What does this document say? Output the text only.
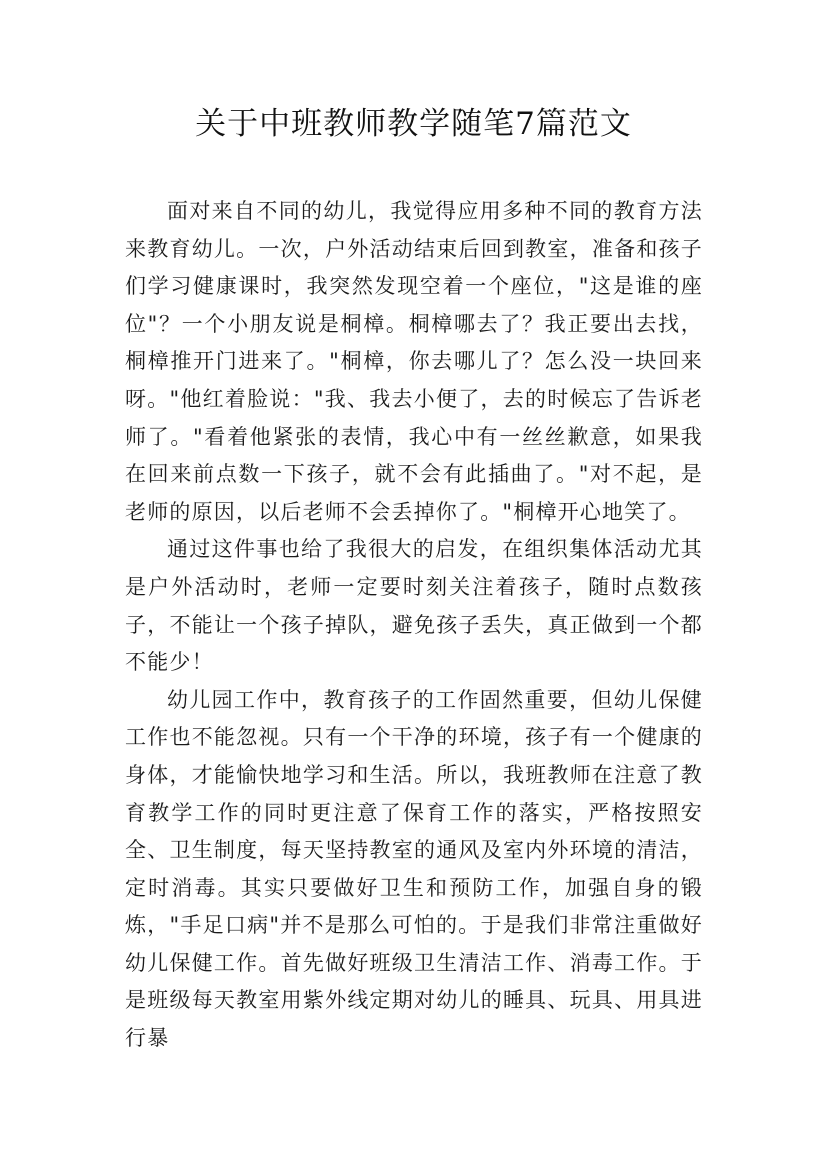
关于中班教师教学随笔7篇范文

面对来自不同的幼儿，我觉得应用多种不同的教育方法来教育幼儿。一次，户外活动结束后回到教室，准备和孩子们学习健康课时，我突然发现空着一个座位，"这是谁的座位"？一个小朋友说是桐樟。桐樟哪去了？我正要出去找，桐樟推开门进来了。"桐樟，你去哪儿了？怎么没一块回来呀。"他红着脸说："我、我去小便了，去的时候忘了告诉老师了。"看着他紧张的表情，我心中有一丝丝歉意，如果我在回来前点数一下孩子，就不会有此插曲了。"对不起，是老师的原因，以后老师不会丢掉你了。"桐樟开心地笑了。

通过这件事也给了我很大的启发，在组织集体活动尤其是户外活动时，老师一定要时刻关注着孩子，随时点数孩子，不能让一个孩子掉队，避免孩子丢失，真正做到一个都不能少！

幼儿园工作中，教育孩子的工作固然重要，但幼儿保健工作也不能忽视。只有一个干净的环境，孩子有一个健康的身体，才能愉快地学习和生活。所以，我班教师在注意了教育教学工作的同时更注意了保育工作的落实，严格按照安全、卫生制度，每天坚持教室的通风及室内外环境的清洁，定时消毒。其实只要做好卫生和预防工作，加强自身的锻炼，"手足口病"并不是那么可怕的。于是我们非常注重做好幼儿保健工作。首先做好班级卫生清洁工作、消毒工作。于是班级每天教室用紫外线定期对幼儿的睡具、玩具、用具进行暴
